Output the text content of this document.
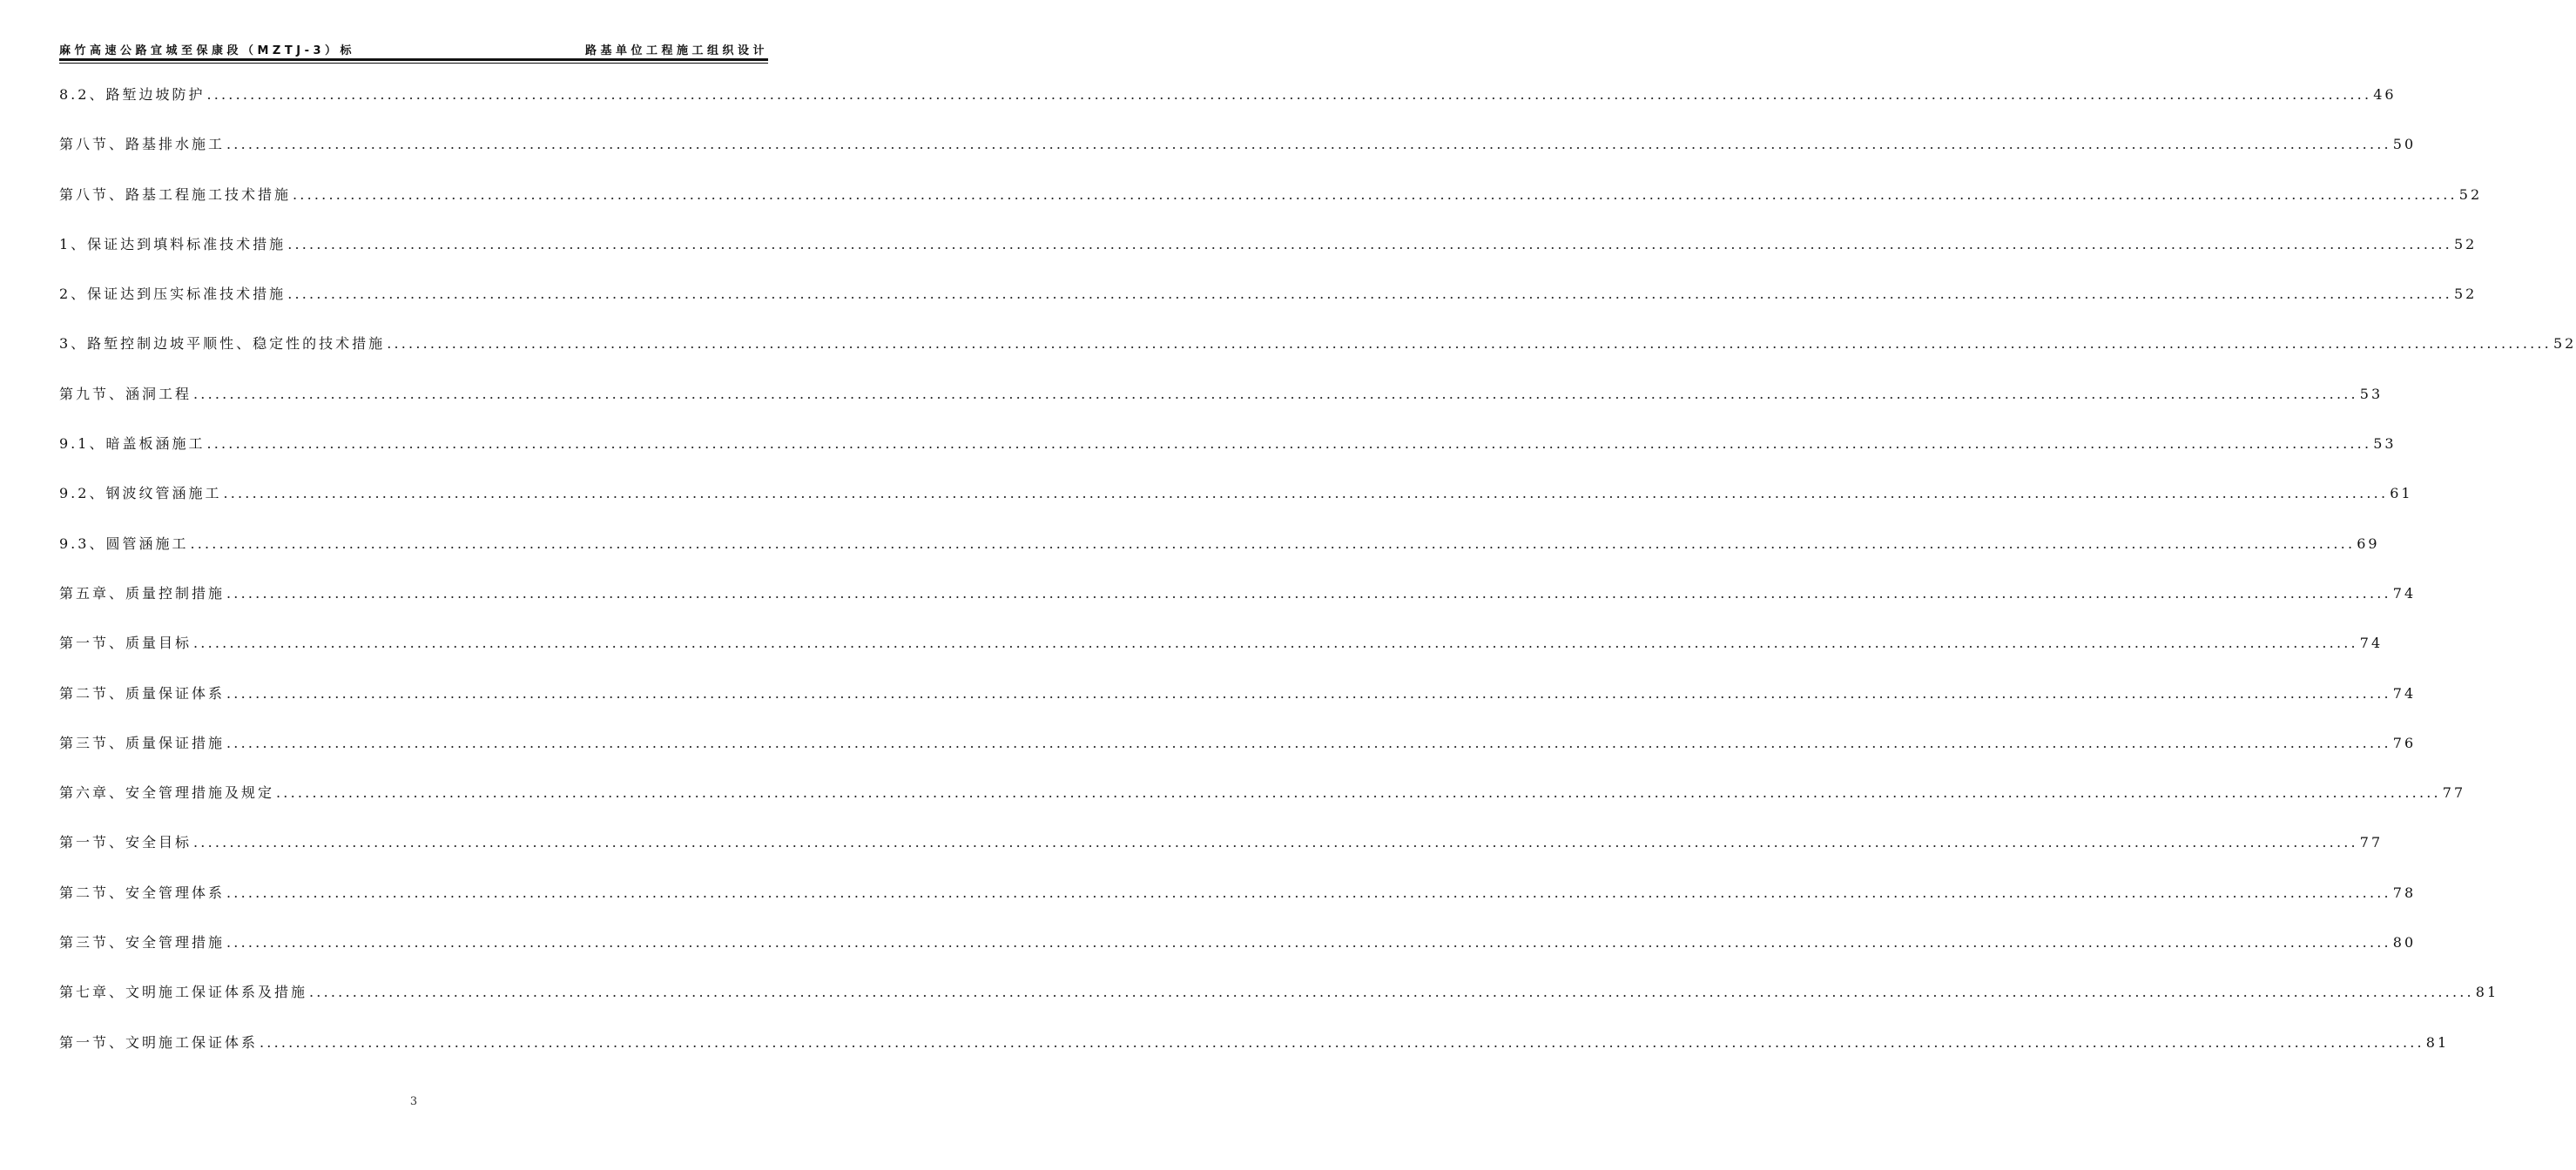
麻竹高速公路宜城至保康段（MZTJ-3）标	路基单位工程施工组织设计
8.2、路堑边坡防护 ............................................................................................................................................................................................................................................................................................................ 46
第八节、路基排水施工 ............................................................................................................................................................................................................................................................................................................ 50
第八节、路基工程施工技术措施 ............................................................................................................................................................................................................................................................................................................ 52
1、保证达到填料标准技术措施 ............................................................................................................................................................................................................................................................................................................ 52
2、保证达到压实标准技术措施 ............................................................................................................................................................................................................................................................................................................ 52
3、路堑控制边坡平顺性、稳定性的技术措施 ............................................................................................................................................................................................................................................................................................................ 52
第九节、涵洞工程 ............................................................................................................................................................................................................................................................................................................ 53
9.1、暗盖板涵施工 ............................................................................................................................................................................................................................................................................................................ 53
9.2、钢波纹管涵施工 ............................................................................................................................................................................................................................................................................................................ 61
9.3、圆管涵施工 ............................................................................................................................................................................................................................................................................................................ 69
第五章、质量控制措施 ............................................................................................................................................................................................................................................................................................................ 74
第一节、质量目标 ............................................................................................................................................................................................................................................................................................................ 74
第二节、质量保证体系 ............................................................................................................................................................................................................................................................................................................ 74
第三节、质量保证措施 ............................................................................................................................................................................................................................................................................................................ 76
第六章、安全管理措施及规定 ............................................................................................................................................................................................................................................................................................................ 77
第一节、安全目标 ............................................................................................................................................................................................................................................................................................................ 77
第二节、安全管理体系 ............................................................................................................................................................................................................................................................................................................ 78
第三节、安全管理措施 ............................................................................................................................................................................................................................................................................................................ 80
第七章、文明施工保证体系及措施 ............................................................................................................................................................................................................................................................................................................ 81
第一节、文明施工保证体系 ............................................................................................................................................................................................................................................................................................................ 81
3
